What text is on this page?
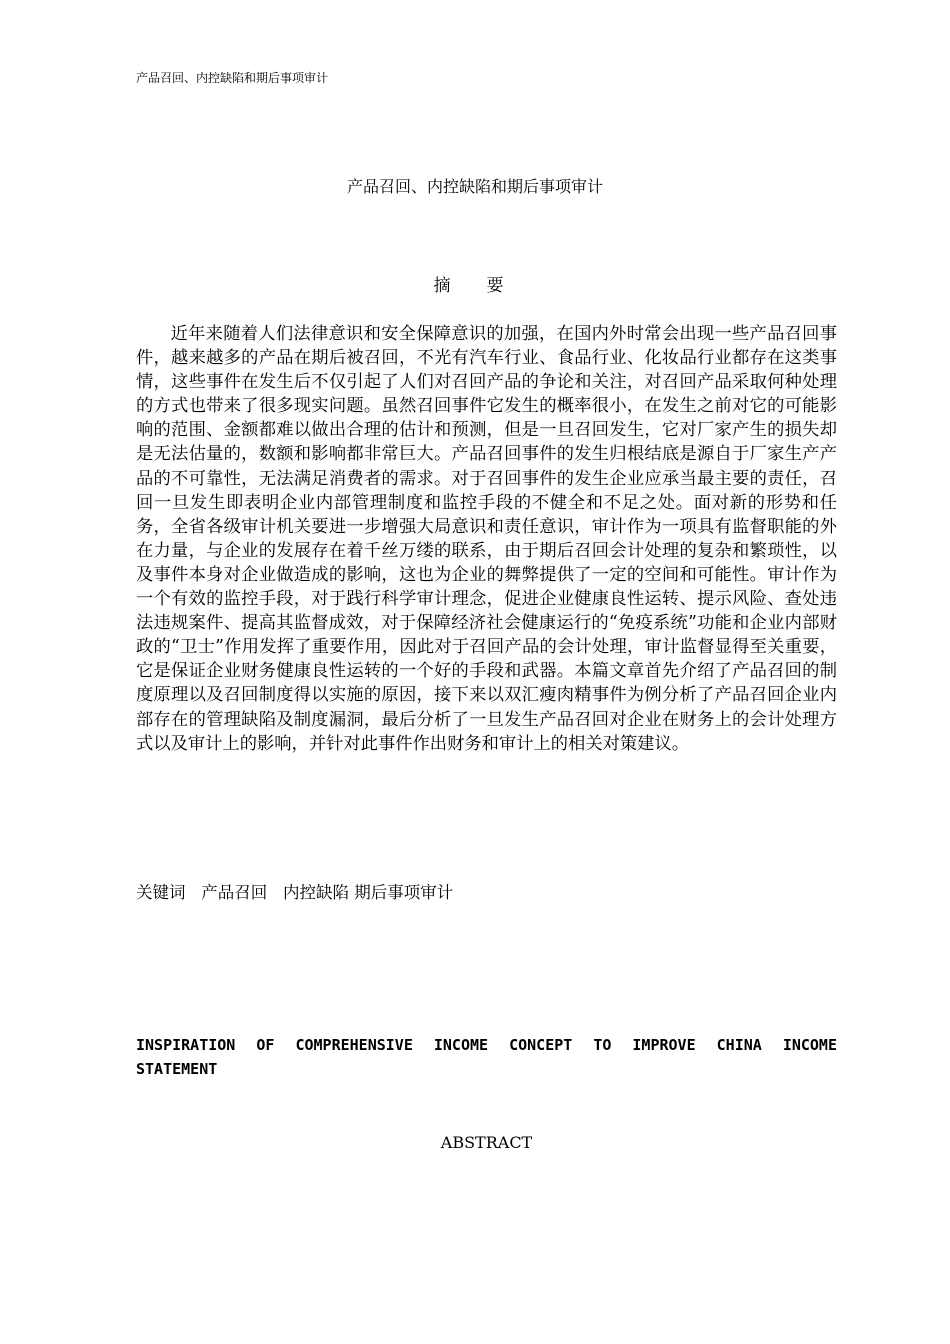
产品召回、内控缺陷和期后事项审计
产品召回、内控缺陷和期后事项审计
摘要

近年来随着人们法律意识和安全保障意识的加强，在国内外时常会出现一些产品召回事件，越来越多的产品在期后被召回，不光有汽车行业、食品行业、化妆品行业都存在这类事情，这些事件在发生后不仅引起了人们对召回产品的争论和关注，对召回产品采取何种处理的方式也带来了很多现实问题。虽然召回事件它发生的概率很小，在发生之前对它的可能影响的范围、金额都难以做出合理的估计和预测，但是一旦召回发生，它对厂家产生的损失却是无法估量的，数额和影响都非常巨大。产品召回事件的发生归根结底是源自于厂家生产产品的不可靠性，无法满足消费者的需求。对于召回事件的发生企业应承当最主要的责任，召回一旦发生即表明企业内部管理制度和监控手段的不健全和不足之处。面对新的形势和任务，全省各级审计机关要进一步增强大局意识和责任意识，审计作为一项具有监督职能的外在力量，与企业的发展存在着千丝万缕的联系，由于期后召回会计处理的复杂和繁琐性，以及事件本身对企业做造成的影响，这也为企业的舞弊提供了一定的空间和可能性。审计作为一个有效的监控手段，对于践行科学审计理念，促进企业健康良性运转、提示风险、查处违法违规案件、提高其监督成效，对于保障经济社会健康运行的“免疫系统”功能和企业内部财政的“卫士”作用发挥了重要作用，因此对于召回产品的会计处理，审计监督显得至关重要，它是保证企业财务健康良性运转的一个好的手段和武器。本篇文章首先介绍了产品召回的制度原理以及召回制度得以实施的原因，接下来以双汇瘦肉精事件为例分析了产品召回企业内部存在的管理缺陷及制度漏洞，最后分析了一旦发生产品召回对企业在财务上的会计处理方式以及审计上的影响，并针对此事件作出财务和审计上的相关对策建议。

关键词   产品召回   内控缺陷 期后事项审计

INSPIRATION OF COMPREHENSIVE INCOME CONCEPT TO IMPROVE CHINA INCOME STATEMENT

ABSTRACT
